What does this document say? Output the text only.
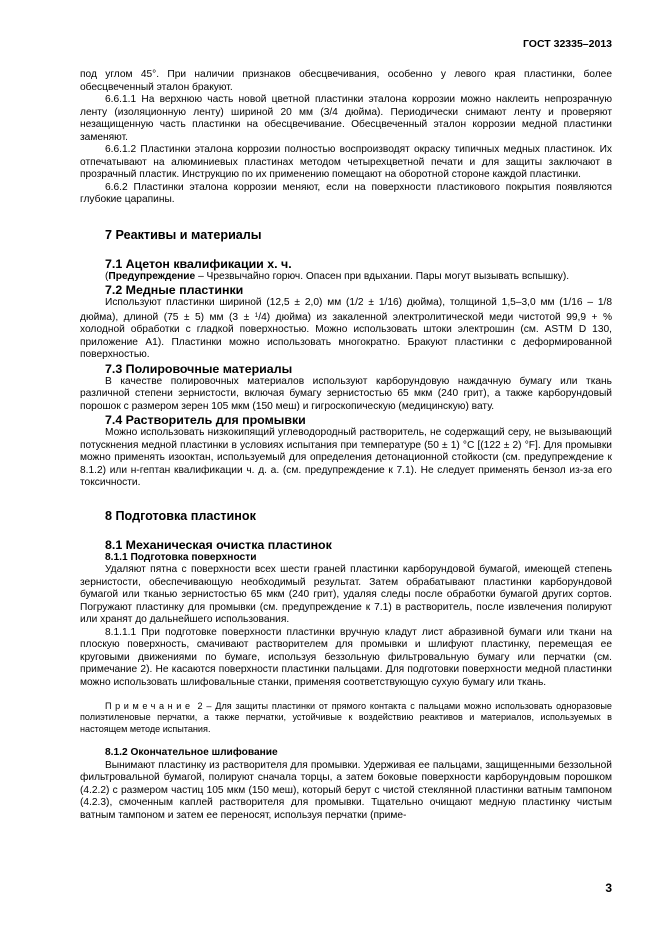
ГОСТ 32335–2013

под углом 45°. При наличии признаков обесцвечивания, особенно у левого края пластинки, более обесцвеченный эталон бракуют.

6.6.1.1 На верхнюю часть новой цветной пластинки эталона коррозии можно наклеить непрозрачную ленту (изоляционную ленту) шириной 20 мм (3/4 дюйма). Периодически снимают ленту и проверяют незащищенную часть пластинки на обесцвечивание. Обесцвеченный эталон коррозии медной пластинки заменяют.

6.6.1.2 Пластинки эталона коррозии полностью воспроизводят окраску типичных медных пластинок. Их отпечатывают на алюминиевых пластинах методом четырехцветной печати и для защиты заключают в прозрачный пластик. Инструкцию по их применению помещают на оборотной стороне каждой пластинки.

6.6.2 Пластинки эталона коррозии меняют, если на поверхности пластикового покрытия появляются глубокие царапины.

7 Реактивы и материалы
7.1 Ацетон квалификации х. ч.

(Предупреждение – Чрезвычайно горюч. Опасен при вдыхании. Пары могут вызывать вспышку).

7.2 Медные пластинки

Используют пластинки шириной (12,5 ± 2,0) мм (1/2 ± 1/16) дюйма), толщиной 1,5–3,0 мм (1/16 – 1/8 дюйма), длиной (75 ± 5) мм (3 ± $^1$/4) дюйма) из закаленной электролитической меди чистотой 99,9 + % холодной обработки с гладкой поверхностью. Можно использовать штоки электрошин (см. ASTM D 130, приложение А1). Пластинки можно использовать многократно. Бракуют пластинки с деформированной поверхностью.

7.3 Полировочные материалы

В качестве полировочных материалов используют карборундовую наждачную бумагу или ткань различной степени зернистости, включая бумагу зернистостью 65 мкм (240 грит), а также карборундовый порошок с размером зерен 105 мкм (150 меш) и гигроскопическую (медицинскую) вату.

7.4 Растворитель для промывки

Можно использовать низкокипящий углеводородный растворитель, не содержащий серу, не вызывающий потускнения медной пластинки в условиях испытания при температуре (50 ± 1) °С [(122 ± 2) °F]. Для промывки можно применять изооктан, используемый для определения детонационной стойкости (см. предупреждение к 8.1.2) или н-гептан квалификации ч. д. а. (см. предупреждение к 7.1). Не следует применять бензол из-за его токсичности.

8 Подготовка пластинок
8.1 Механическая очистка пластинок
8.1.1 Подготовка поверхности

Удаляют пятна с поверхности всех шести граней пластинки карборундовой бумагой, имеющей степень зернистости, обеспечивающую необходимый результат. Затем обрабатывают пластинки карборундовой бумагой или тканью зернистостью 65 мкм (240 грит), удаляя следы после обработки бумагой других сортов. Погружают пластинку для промывки (см. предупреждение к 7.1) в растворитель, после извлечения полируют или хранят до дальнейшего использования.

8.1.1.1 При подготовке поверхности пластинки вручную кладут лист абразивной бумаги или ткани на плоскую поверхность, смачивают растворителем для промывки и шлифуют пластинку, перемещая ее круговыми движениями по бумаге, используя беззольную фильтровальную бумагу или перчатки (см. примечание 2). Не касаются поверхности пластинки пальцами. Для подготовки поверхности медной пластинки можно использовать шлифовальные станки, применяя соответствующую сухую бумагу или ткань.

Примечание 2 – Для защиты пластинки от прямого контакта с пальцами можно использовать одноразовые полиэтиленовые перчатки, а также перчатки, устойчивые к воздействию реактивов и материалов, используемых в настоящем методе испытания.

8.1.2 Окончательное шлифование

Вынимают пластинку из растворителя для промывки. Удерживая ее пальцами, защищенными беззольной фильтровальной бумагой, полируют сначала торцы, а затем боковые поверхности карборундовым порошком (4.2.2) с размером частиц 105 мкм (150 меш), который берут с чистой стеклянной пластинки ватным тампоном (4.2.3), смоченным каплей растворителя для промывки. Тщательно очищают медную пластинку чистым ватным тампоном и затем ее переносят, используя перчатки (приме-

3
